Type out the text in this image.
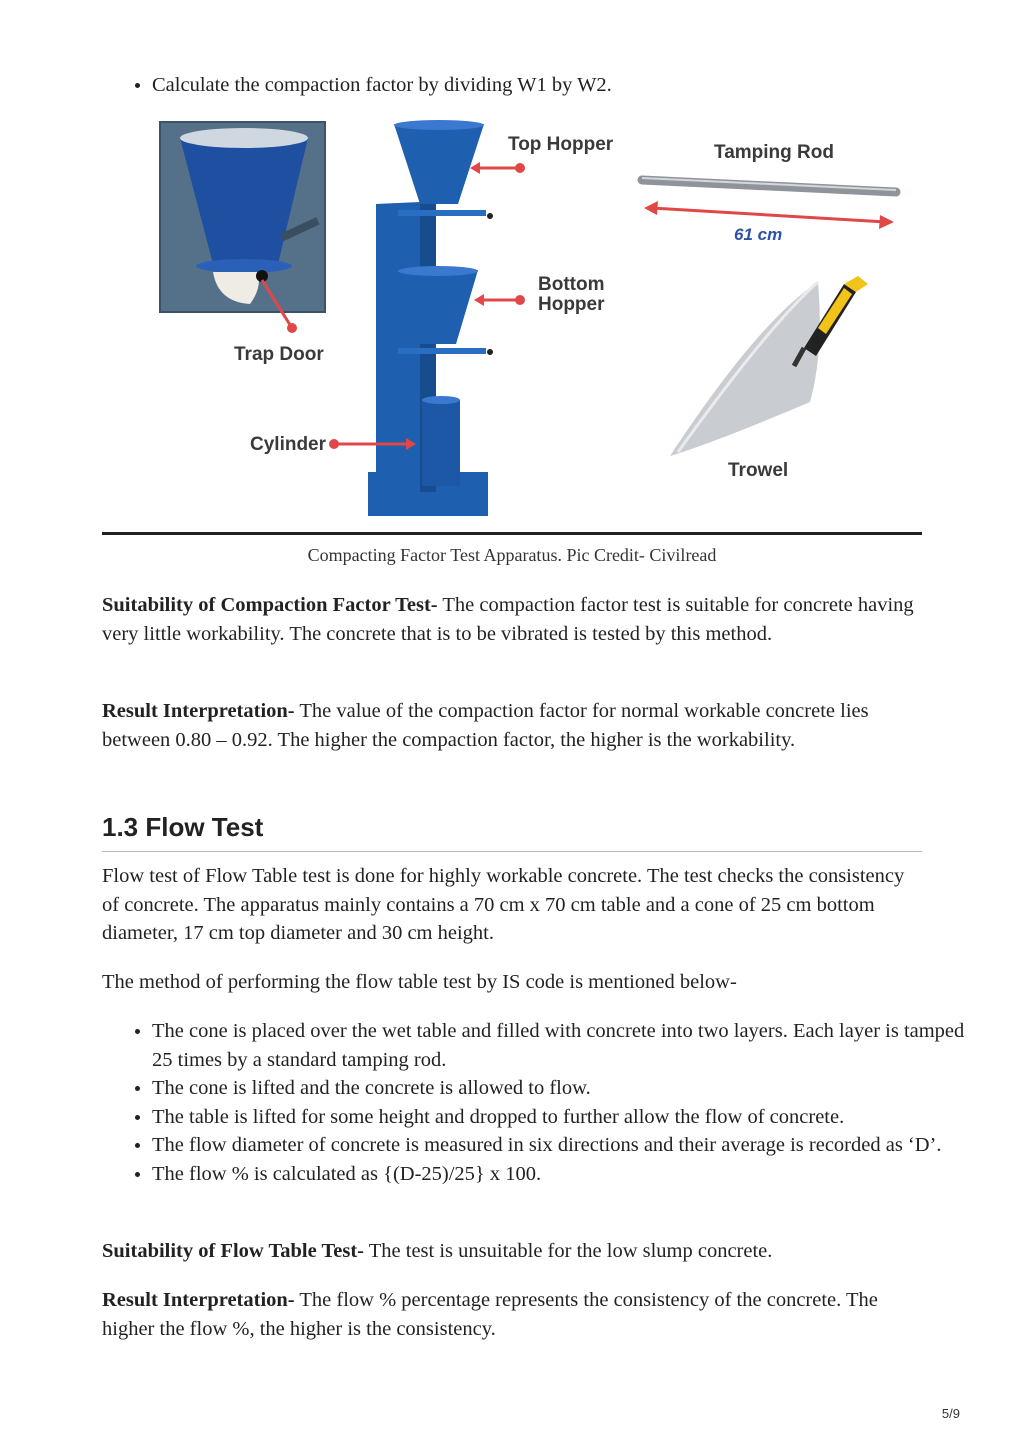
• Calculate the compaction factor by dividing W1 by W2.
Trap Door
Top Hopper
Bottom
Hopper
Cylinder
Tamping Rod
61 cm
Trowel
Compacting Factor Test Apparatus. Pic Credit- Civilread

Suitability of Compaction Factor Test- The compaction factor test is suitable for concrete having very little workability. The concrete that is to be vibrated is tested by this method.

Result Interpretation- The value of the compaction factor for normal workable concrete lies between 0.80 – 0.92. The higher the compaction factor, the higher is the workability.

1.3 Flow Test

Flow test of Flow Table test is done for highly workable concrete. The test checks the consistency of concrete. The apparatus mainly contains a 70 cm x 70 cm table and a cone of 25 cm bottom diameter, 17 cm top diameter and 30 cm height.

The method of performing the flow table test by IS code is mentioned below-

• The cone is placed over the wet table and filled with concrete into two layers. Each layer is tamped 25 times by a standard tamping rod.
• The cone is lifted and the concrete is allowed to flow.
• The table is lifted for some height and dropped to further allow the flow of concrete.
• The flow diameter of concrete is measured in six directions and their average is recorded as ‘D’.
• The flow % is calculated as {(D-25)/25} x 100.

Suitability of Flow Table Test- The test is unsuitable for the low slump concrete.

Result Interpretation- The flow % percentage represents the consistency of the concrete. The higher the flow %, the higher is the consistency.

5/9
